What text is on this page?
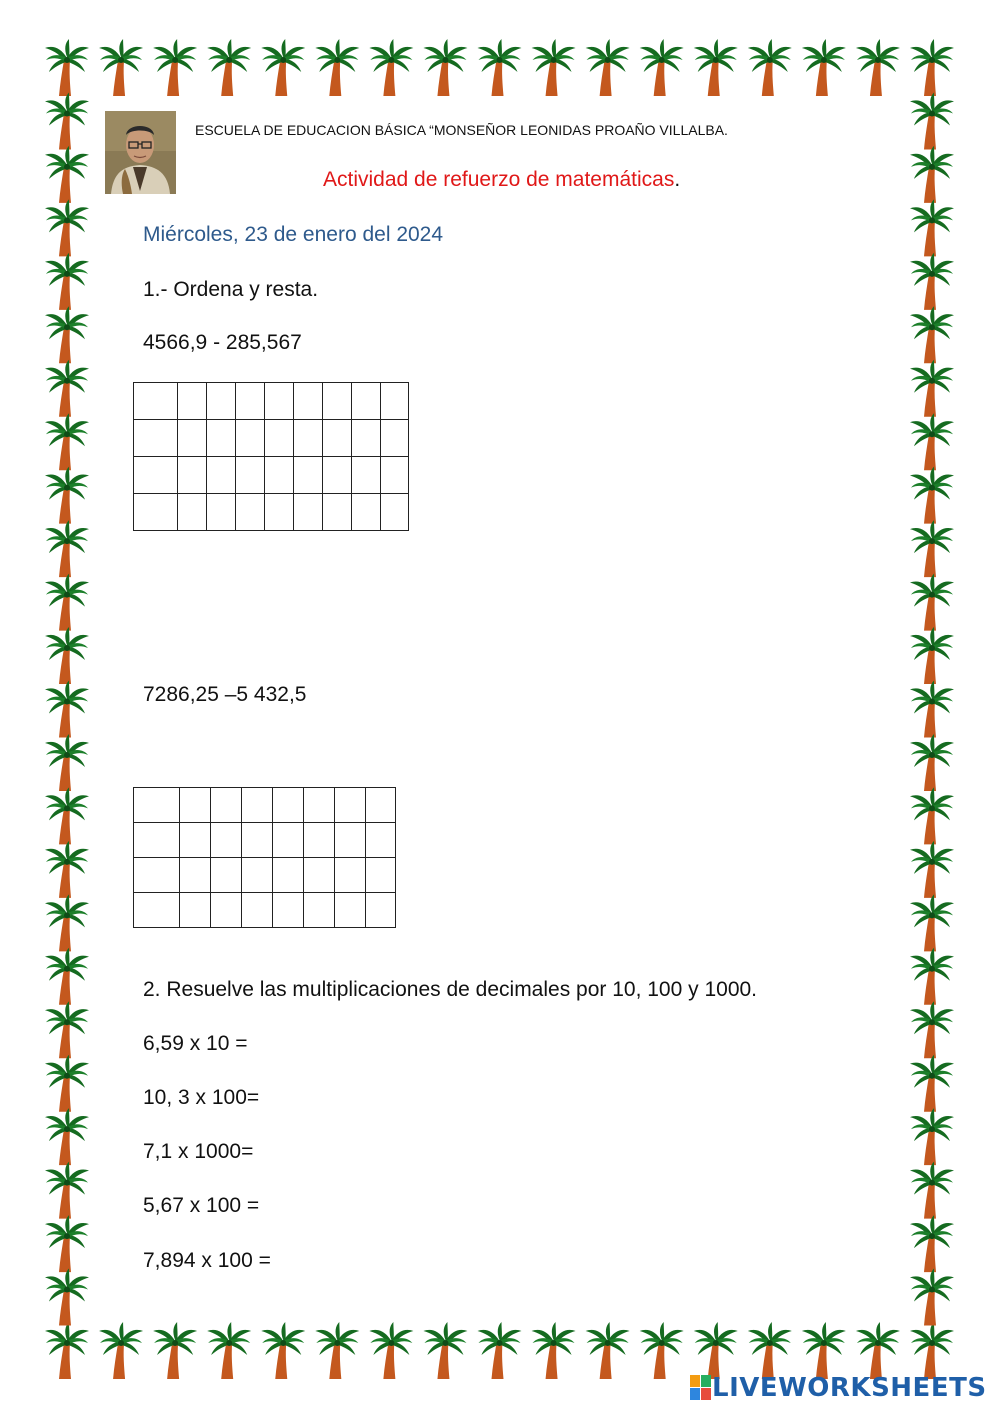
ESCUELA DE EDUCACION BÁSICA “MONSEÑOR LEONIDAS PROAÑO VILLALBA.
Actividad de refuerzo de matemáticas.
Miércoles, 23 de enero del 2024
1.- Ordena y resta.
4566,9 - 285,567

7286,25 –5 432,5

2. Resuelve las multiplicaciones de decimales por 10, 100 y 1000.
6,59 x 10 =
10, 3 x 100=
7,1 x 1000=
5,67 x 100 =
7,894 x 100 =
LIVEWORKSHEETS
